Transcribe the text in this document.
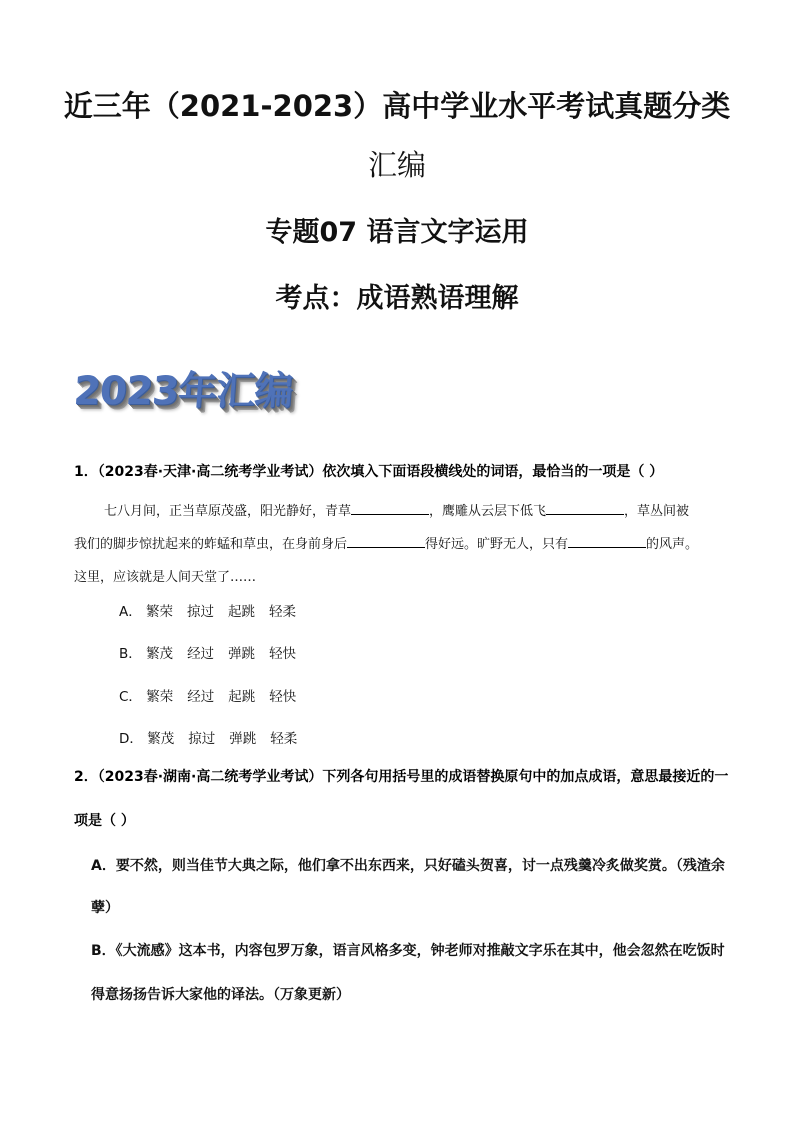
近三年（2021-2023）高中学业水平考试真题分类
汇编
专题07 语言文字运用
考点：成语熟语理解
2023年汇编
1．（2023春·天津·高二统考学业考试）依次填入下面语段横线处的词语，最恰当的一项是（ ）
七八月间，正当草原茂盛，阳光静好，青草	，鹰雕从云层下低飞	，草丛间被
我们的脚步惊扰起来的蚱蜢和草虫，在身前身后	得好远。旷野无人，只有	的风声。
这里，应该就是人间天堂了……
A． 繁荣 掠过 起跳 轻柔
B． 繁茂 经过 弹跳 轻快
C． 繁荣 经过 起跳 轻快
D． 繁茂 掠过 弹跳 轻柔
2．（2023春·湖南·高二统考学业考试）下列各句用括号里的成语替换原句中的加点成语，意思最接近的一
项是（ ）
A．要不然，则当佳节大典之际，他们拿不出东西来，只好磕头贺喜，讨一点残羹冷炙做奖赏。（残渣余
孽）
B．《大流感》这本书，内容包罗万象，语言风格多变，钟老师对推敲文字乐在其中，他会忽然在吃饭时
得意扬扬告诉大家他的译法。（万象更新）
